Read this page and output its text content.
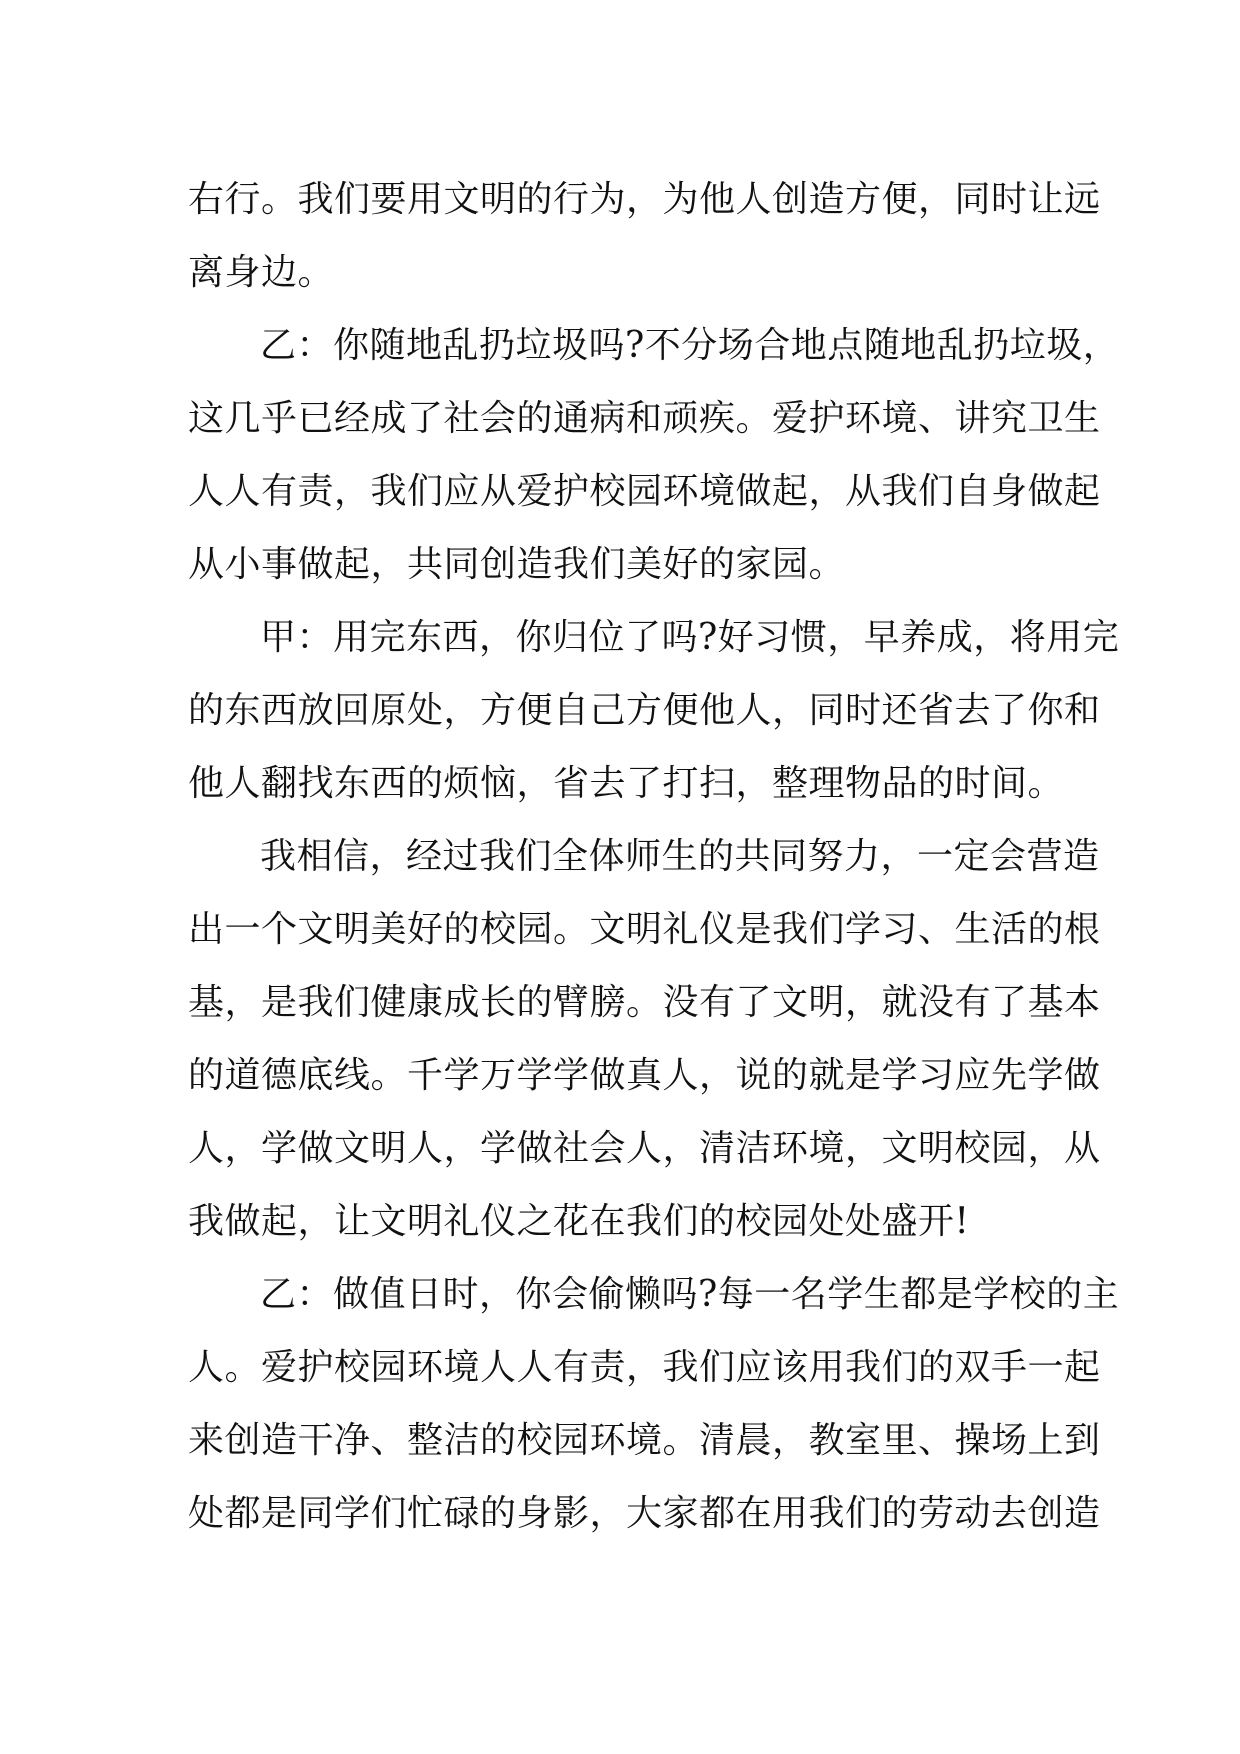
右行。我们要用文明的行为，为他人创造方便，同时让远
离身边。
乙：你随地乱扔垃圾吗?不分场合地点随地乱扔垃圾，
这几乎已经成了社会的通病和顽疾。爱护环境、讲究卫生
人人有责，我们应从爱护校园环境做起，从我们自身做起
从小事做起，共同创造我们美好的家园。
甲：用完东西，你归位了吗?好习惯，早养成，将用完
的东西放回原处，方便自己方便他人，同时还省去了你和
他人翻找东西的烦恼，省去了打扫，整理物品的时间。
我相信，经过我们全体师生的共同努力，一定会营造
出一个文明美好的校园。文明礼仪是我们学习、生活的根
基，是我们健康成长的臂膀。没有了文明，就没有了基本
的道德底线。千学万学学做真人，说的就是学习应先学做
人，学做文明人，学做社会人，清洁环境，文明校园，从
我做起，让文明礼仪之花在我们的校园处处盛开!
乙：做值日时，你会偷懒吗?每一名学生都是学校的主
人。爱护校园环境人人有责，我们应该用我们的双手一起
来创造干净、整洁的校园环境。清晨，教室里、操场上到
处都是同学们忙碌的身影，大家都在用我们的劳动去创造
